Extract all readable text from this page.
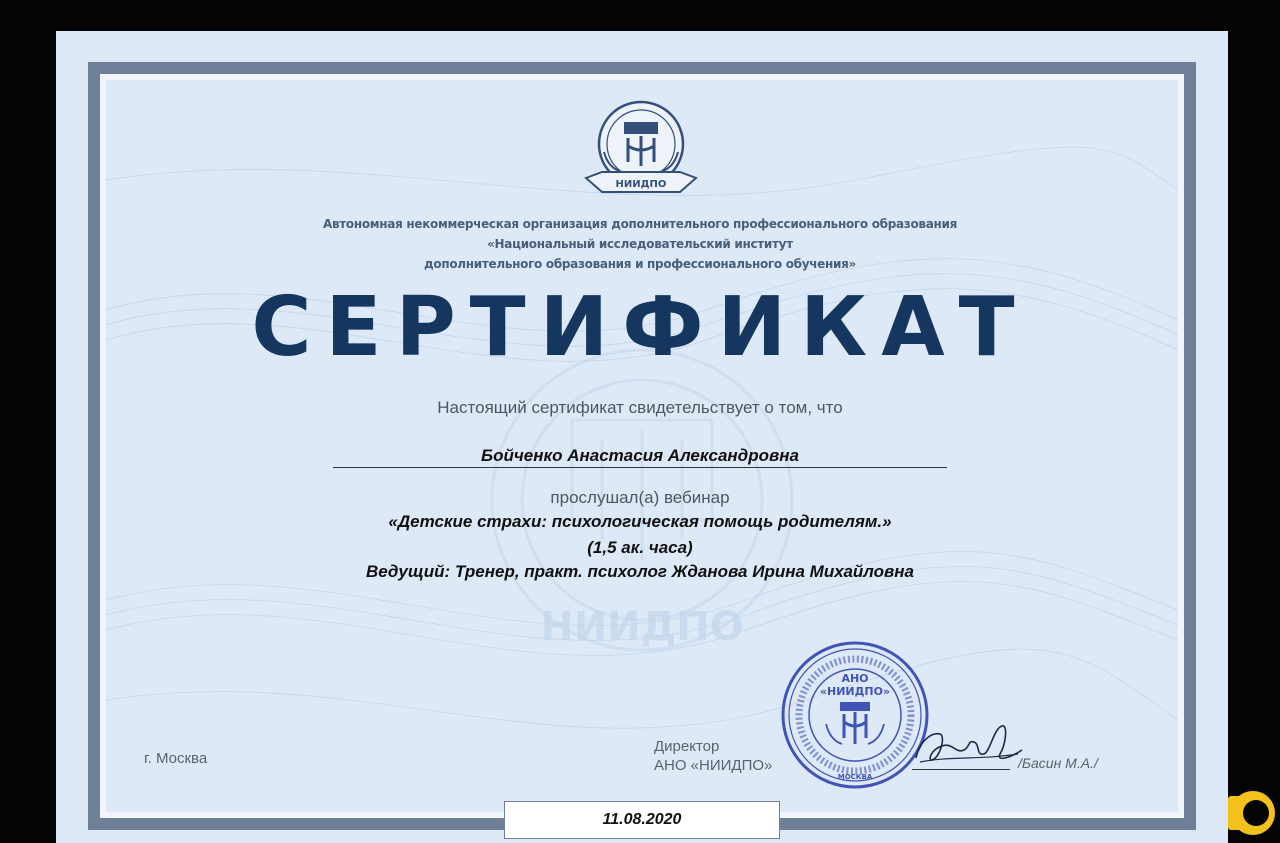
НИИДПО
НИИДПО
Автономная некоммерческая организация дополнительного профессионального образования
«Национальный исследовательский институт
дополнительного образования и профессионального обучения»
СЕРТИФИКАТ
Настоящий сертификат свидетельствует о том, что
Бойченко Анастасия Александровна
прослушал(а) вебинар
«Детские страхи: психологическая помощь родителям.»
(1,5 ак. часа)
Ведущий: Тренер, практ. психолог Жданова Ирина Михайловна
г. Москва
Директор
АНО «НИИДПО»
АНО
«НИИДПО»
МОСКВА
/Басин М.А./
11.08.2020
